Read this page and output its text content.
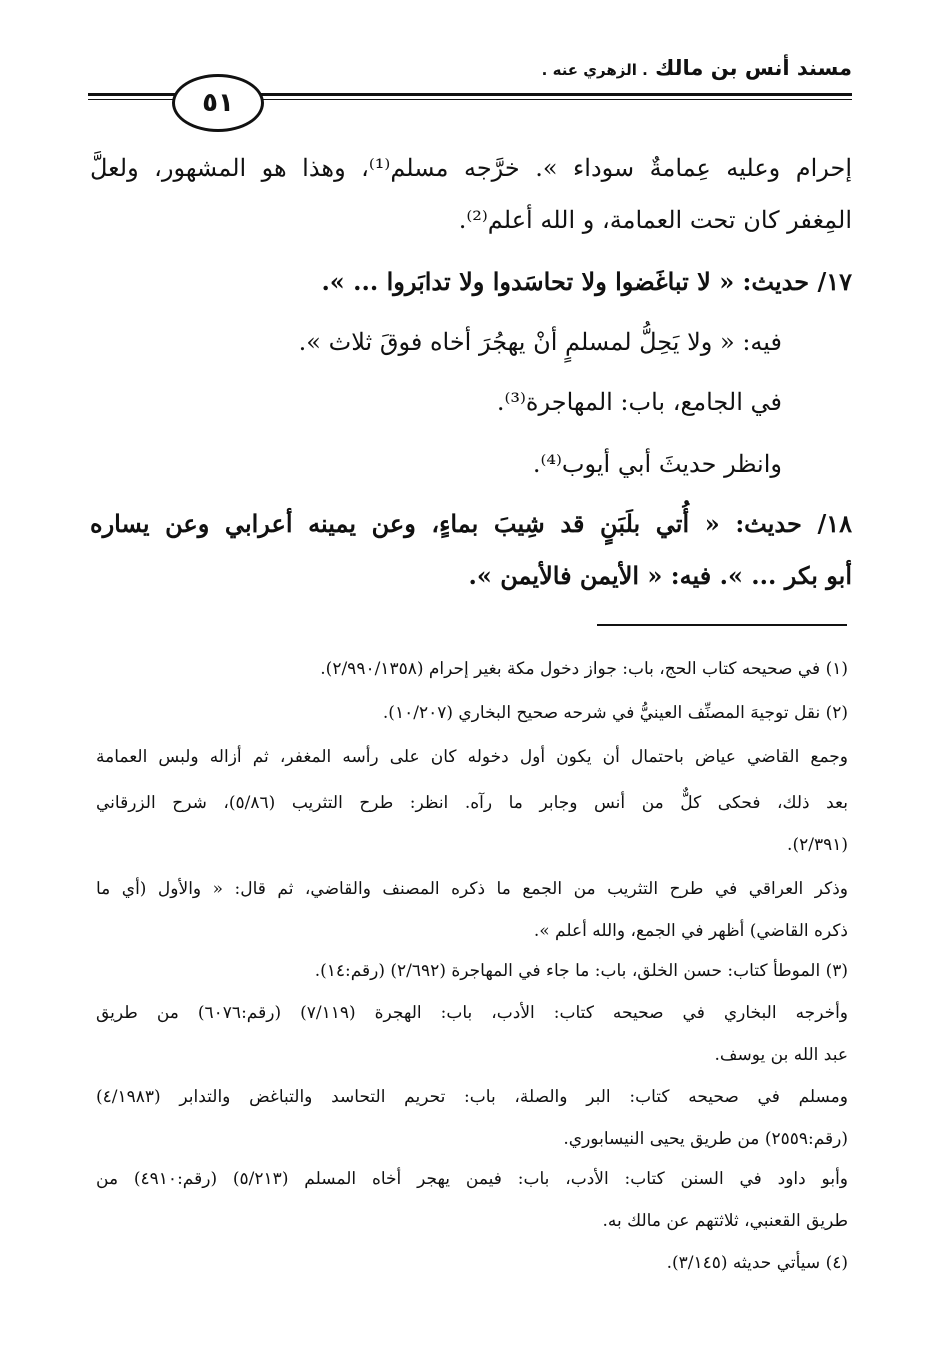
مسند أنس بن مالك . الزهري عنه .
٥١
إحرام وعليه عِمامةٌ سوداء ». خرَّجه مسلم⁽¹⁾، وهذا هو المشهور، ولعلَّ
المِغفر كان تحت العمامة، و الله أعلم⁽²⁾.
١٧/ حديث: « لا تباغَضوا ولا تحاسَدوا ولا تدابَروا ... ».
فيه: « ولا يَحِلُّ لمسلمٍ أنْ يهجُرَ أخاه فوقَ ثلاث ».
في الجامع، باب: المهاجرة⁽³⁾.
وانظر حديثَ أبي أيوب⁽⁴⁾.
١٨/ حديث: « أُتي بلَبَنٍ قد شِيبَ بماءٍ، وعن يمينه أعرابي وعن يساره
أبو بكر ... ». فيه: « الأيمن فالأيمن ».
(١) في صحيحه كتاب الحج، باب: جواز دخول مكة بغير إحرام (٢/٩٩٠/١٣٥٨).
(٢) نقل توجيهَ المصنِّف العينيُّ في شرحه صحيح البخاري (١٠/٢٠٧).
وجمع القاضي عياض باحتمال أن يكون أول دخوله كان على رأسه المغفر، ثم أزاله ولبس العمامة
بعد ذلك، فحكى كلٌّ من أنس وجابر ما رآه. انظر: طرح التثريب (٥/٨٦)، شرح الزرقاني
(٢/٣٩١).
وذكر العراقي في طرح التثريب من الجمع ما ذكره المصنف والقاضي، ثم قال: « والأول (أي ما
ذكره القاضي) أظهر في الجمع، والله أعلم ».
(٣) الموطأ كتاب: حسن الخلق، باب: ما جاء في المهاجرة (٢/٦٩٢) (رقم:١٤).
وأخرجه البخاري في صحيحه كتاب: الأدب، باب: الهجرة (٧/١١٩) (رقم:٦٠٧٦) من طريق
عبد الله بن يوسف.
ومسلم في صحيحه كتاب: البر والصلة، باب: تحريم التحاسد والتباغض والتدابر (٤/١٩٨٣)
(رقم:٢٥٥٩) من طريق يحيى النيسابوري.
وأبو داود في السنن كتاب: الأدب، باب: فيمن يهجر أخاه المسلم (٥/٢١٣) (رقم:٤٩١٠) من
طريق القعنبي، ثلاثتهم عن مالك به.
(٤) سيأتي حديثه (٣/١٤٥).
